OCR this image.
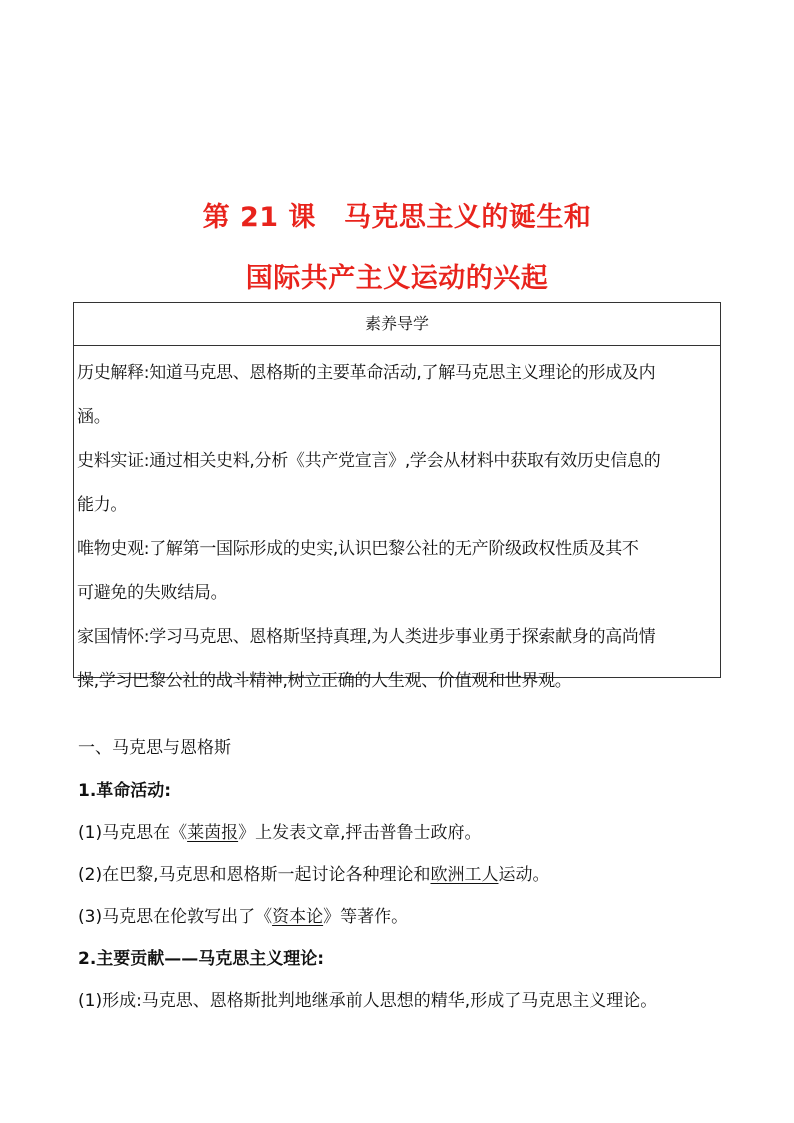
第 21 课 马克思主义的诞生和
国际共产主义运动的兴起
素养导学

历史解释:知道马克思、恩格斯的主要革命活动,了解马克思主义理论的形成及内

涵。

史料实证:通过相关史料,分析《共产党宣言》,学会从材料中获取有效历史信息的

能力。

唯物史观:了解第一国际形成的史实,认识巴黎公社的无产阶级政权性质及其不

可避免的失败结局。

家国情怀:学习马克思、恩格斯坚持真理,为人类进步事业勇于探索献身的高尚情

操,学习巴黎公社的战斗精神,树立正确的人生观、价值观和世界观。

一、马克思与恩格斯
1.革命活动:
(1)马克思在《莱茵报》上发表文章,抨击普鲁士政府。
(2)在巴黎,马克思和恩格斯一起讨论各种理论和欧洲工人运动。
(3)马克思在伦敦写出了《资本论》等著作。
2.主要贡献——马克思主义理论:
(1)形成:马克思、恩格斯批判地继承前人思想的精华,形成了马克思主义理论。
